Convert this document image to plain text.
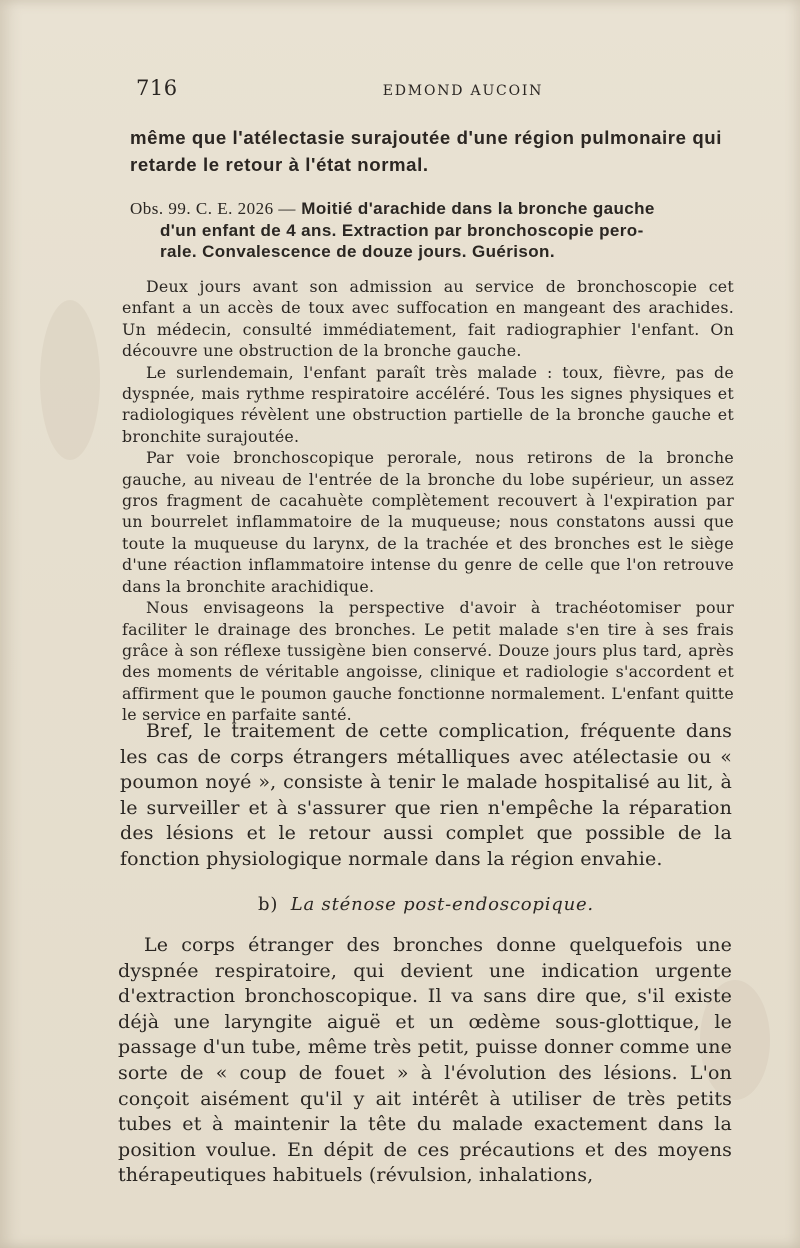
716	EDMOND AUCOIN
même que l'atélectasie surajoutée d'une région pulmonaire qui
retarde le retour à l'état normal.
Obs. 99. C. E. 2026 — Moitié d'arachide dans la bronche gauche
d'un enfant de 4 ans. Extraction par bronchoscopie pero-
rale. Convalescence de douze jours. Guérison.

Deux jours avant son admission au service de bronchoscopie cet enfant a un accès de toux avec suffocation en mangeant des arachides. Un médecin, consulté immédiatement, fait radiographier l'enfant. On découvre une obstruction de la bronche gauche.

Le surlendemain, l'enfant paraît très malade : toux, fièvre, pas de dyspnée, mais rythme respiratoire accéléré. Tous les signes physiques et radiologiques révèlent une obstruction partielle de la bronche gauche et bronchite surajoutée.

Par voie bronchoscopique perorale, nous retirons de la bronche gauche, au niveau de l'entrée de la bronche du lobe supérieur, un assez gros fragment de cacahuète complètement recouvert à l'expiration par un bourrelet inflammatoire de la muqueuse; nous constatons aussi que toute la muqueuse du larynx, de la trachée et des bronches est le siège d'une réaction inflammatoire intense du genre de celle que l'on retrouve dans la bronchite arachidique.

Nous envisageons la perspective d'avoir à trachéotomiser pour faciliter le drainage des bronches. Le petit malade s'en tire à ses frais grâce à son réflexe tussigène bien conservé. Douze jours plus tard, après des moments de véritable angoisse, clinique et radiologie s'accordent et affirment que le poumon gauche fonctionne normalement. L'enfant quitte le service en parfaite santé.

Bref, le traitement de cette complication, fréquente dans les cas de corps étrangers métalliques avec atélectasie ou « poumon noyé », consiste à tenir le malade hospitalisé au lit, à le surveiller et à s'assurer que rien n'empêche la réparation des lésions et le retour aussi complet que possible de la fonction physiologique normale dans la région envahie.

b) La sténose post-endoscopique.

Le corps étranger des bronches donne quelquefois une dyspnée respiratoire, qui devient une indication urgente d'extraction bronchoscopique. Il va sans dire que, s'il existe déjà une laryngite aiguë et un œdème sous-glottique, le passage d'un tube, même très petit, puisse donner comme une sorte de « coup de fouet » à l'évolution des lésions. L'on conçoit aisément qu'il y ait intérêt à utiliser de très petits tubes et à maintenir la tête du malade exactement dans la position voulue. En dépit de ces précautions et des moyens thérapeutiques habituels (révulsion, inhalations,
